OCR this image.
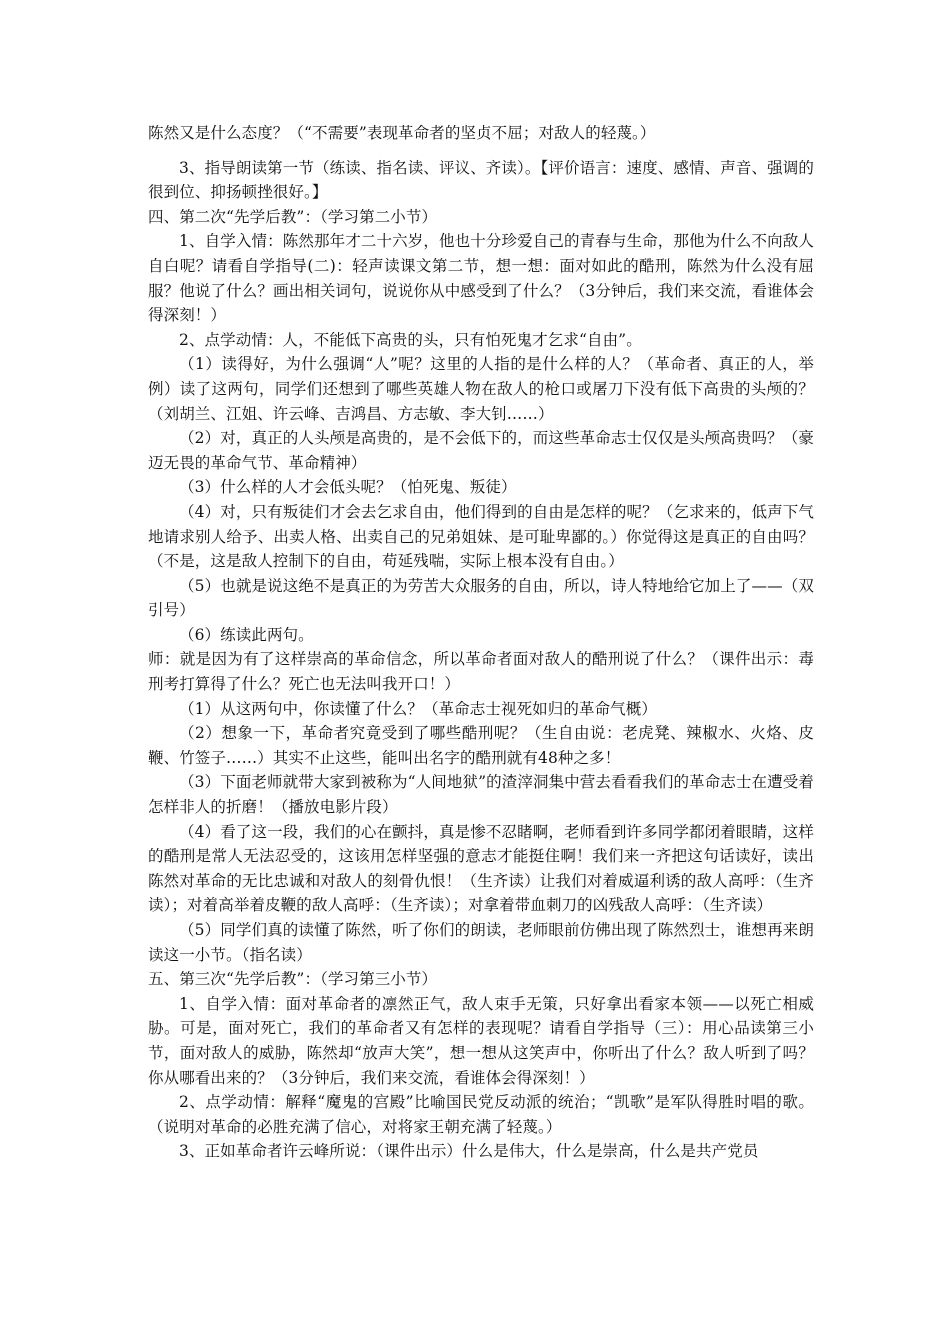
陈然又是什么态度？（“不需要”表现革命者的坚贞不屈；对敌人的轻蔑。）

3、指导朗读第一节（练读、指名读、评议、齐读）。【评价语言：速度、感情、声音、强调的很到位、抑扬顿挫很好。】

四、第二次“先学后教”：（学习第二小节）

1、自学入情：陈然那年才二十六岁，他也十分珍爱自己的青春与生命，那他为什么不向敌人自白呢？请看自学指导(二)：轻声读课文第二节，想一想：面对如此的酷刑，陈然为什么没有屈服？他说了什么？画出相关词句，说说你从中感受到了什么？（3分钟后，我们来交流，看谁体会得深刻！）

2、点学动情：人，不能低下高贵的头，只有怕死鬼才乞求“自由”。

（1）读得好，为什么强调“人”呢？这里的人指的是什么样的人？（革命者、真正的人，举例）读了这两句，同学们还想到了哪些英雄人物在敌人的枪口或屠刀下没有低下高贵的头颅的？（刘胡兰、江姐、许云峰、吉鸿昌、方志敏、李大钊……）

（2）对，真正的人头颅是高贵的，是不会低下的，而这些革命志士仅仅是头颅高贵吗？（豪迈无畏的革命气节、革命精神）

（3）什么样的人才会低头呢？（怕死鬼、叛徒）

（4）对，只有叛徒们才会去乞求自由，他们得到的自由是怎样的呢？（乞求来的，低声下气地请求别人给予、出卖人格、出卖自己的兄弟姐妹、是可耻卑鄙的。）你觉得这是真正的自由吗？（不是，这是敌人控制下的自由，苟延残喘，实际上根本没有自由。）

（5）也就是说这绝不是真正的为劳苦大众服务的自由，所以，诗人特地给它加上了——（双引号）

（6）练读此两句。

师：就是因为有了这样崇高的革命信念，所以革命者面对敌人的酷刑说了什么？（课件出示：毒刑考打算得了什么？死亡也无法叫我开口！）

（1）从这两句中，你读懂了什么？（革命志士视死如归的革命气概）

（2）想象一下，革命者究竟受到了哪些酷刑呢？（生自由说：老虎凳、辣椒水、火烙、皮鞭、竹签子……）其实不止这些，能叫出名字的酷刑就有48种之多！

（3）下面老师就带大家到被称为“人间地狱”的渣滓洞集中营去看看我们的革命志士在遭受着怎样非人的折磨！（播放电影片段）

（4）看了这一段，我们的心在颤抖，真是惨不忍睹啊，老师看到许多同学都闭着眼睛，这样的酷刑是常人无法忍受的，这该用怎样坚强的意志才能挺住啊！我们来一齐把这句话读好，读出陈然对革命的无比忠诚和对敌人的刻骨仇恨！（生齐读）让我们对着威逼利诱的敌人高呼：（生齐读）；对着高举着皮鞭的敌人高呼：（生齐读）；对拿着带血刺刀的凶残敌人高呼：（生齐读）

（5）同学们真的读懂了陈然，听了你们的朗读，老师眼前仿佛出现了陈然烈士，谁想再来朗读这一小节。（指名读）

五、第三次“先学后教”：（学习第三小节）

1、自学入情：面对革命者的凛然正气，敌人束手无策，只好拿出看家本领——以死亡相威胁。可是，面对死亡，我们的革命者又有怎样的表现呢？请看自学指导（三）：用心品读第三小节，面对敌人的威胁，陈然却“放声大笑”，想一想从这笑声中，你听出了什么？敌人听到了吗？你从哪看出来的？（3分钟后，我们来交流，看谁体会得深刻！）

2、点学动情：解释“魔鬼的宫殿”比喻国民党反动派的统治；“凯歌”是军队得胜时唱的歌。（说明对革命的必胜充满了信心，对将家王朝充满了轻蔑。）

3、正如革命者许云峰所说：（课件出示）什么是伟大，什么是崇高，什么是共产党员
